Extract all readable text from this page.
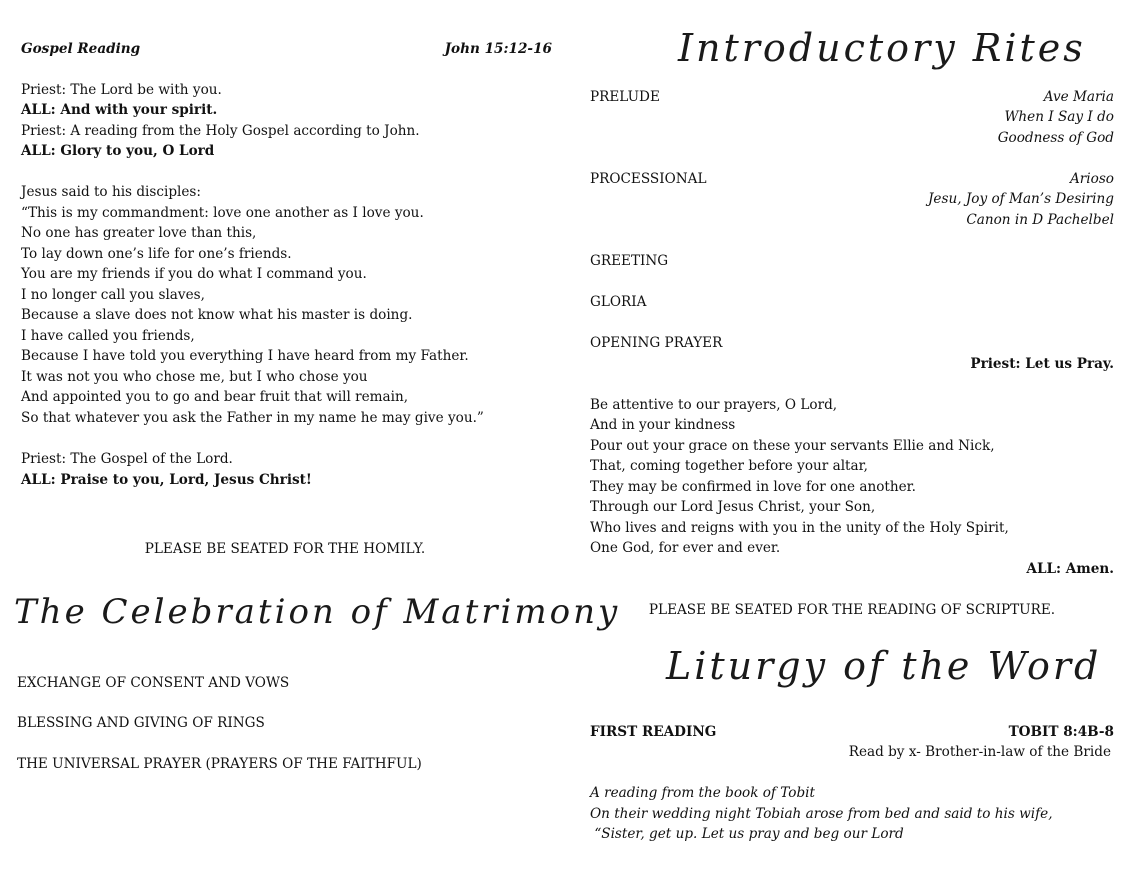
Gospel Reading	John 15:12-16
Priest: The Lord be with you.
ALL: And with your spirit.
Priest: A reading from the Holy Gospel according to John.
ALL: Glory to you, O Lord
Jesus said to his disciples:
“This is my commandment: love one another as I love you.
No one has greater love than this,
To lay down one’s life for one’s friends.
You are my friends if you do what I command you.
I no longer call you slaves,
Because a slave does not know what his master is doing.
I have called you friends,
Because I have told you everything I have heard from my Father.
It was not you who chose me, but I who chose you
And appointed you to go and bear fruit that will remain,
So that whatever you ask the Father in my name he may give you.”
Priest: The Gospel of the Lord.
ALL: Praise to you, Lord, Jesus Christ!
PLEASE BE SEATED FOR THE HOMILY.
The Celebration of Matrimony
EXCHANGE OF CONSENT AND VOWS
BLESSING AND GIVING OF RINGS
THE UNIVERSAL PRAYER (PRAYERS OF THE FAITHFUL)
Introductory Rites
PRELUDE	Ave Maria
When I Say I do
Goodness of God
PROCESSIONAL	Arioso
Jesu, Joy of Man’s Desiring
Canon in D Pachelbel
GREETING
GLORIA
OPENING PRAYER
Priest: Let us Pray.
Be attentive to our prayers, O Lord,
And in your kindness
Pour out your grace on these your servants Ellie and Nick,
That, coming together before your altar,
They may be confirmed in love for one another.
Through our Lord Jesus Christ, your Son,
Who lives and reigns with you in the unity of the Holy Spirit,
One God, for ever and ever.
ALL: Amen.
PLEASE BE SEATED FOR THE READING OF SCRIPTURE.
Liturgy of the Word
FIRST READING	TOBIT 8:4B-8
Read by x- Brother-in-law of the Bride
A reading from the book of Tobit
On their wedding night Tobiah arose from bed and said to his wife,
“Sister, get up. Let us pray and beg our Lord
